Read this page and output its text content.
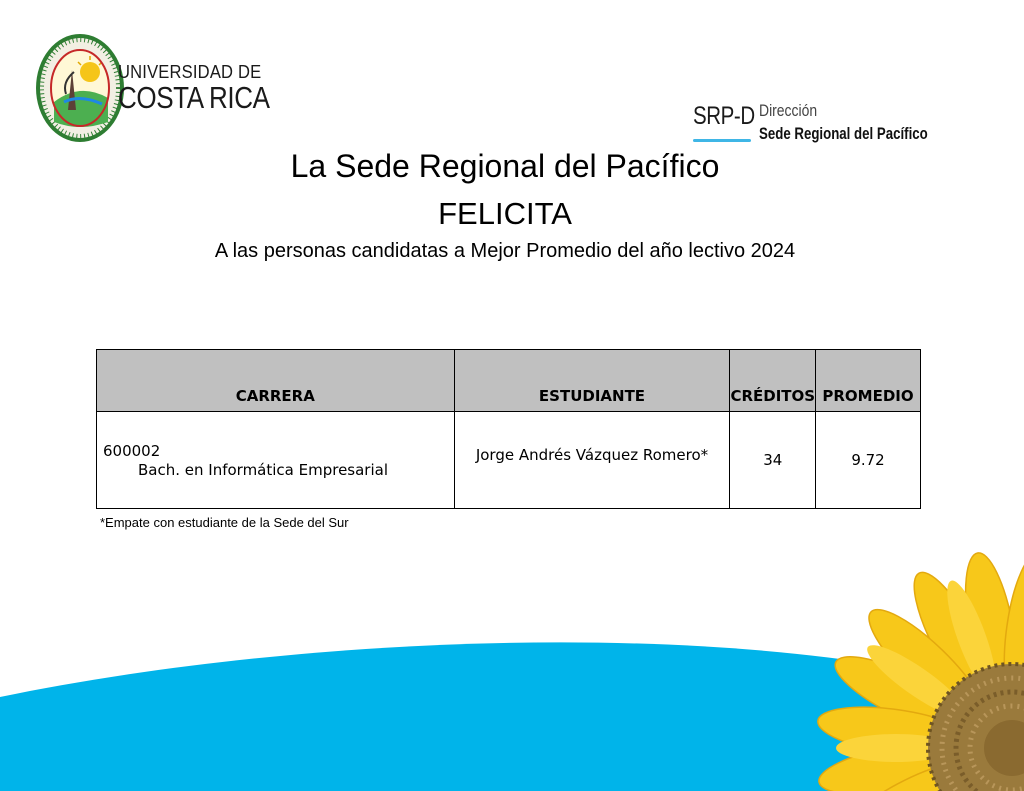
UNIVERSIDAD DE
COSTA RICA
SRP-D Dirección
Sede Regional del Pacífico
La Sede Regional del Pacífico
FELICITA
A las personas candidatas a Mejor Promedio del año lectivo 2024
CARRERA	ESTUDIANTE	CRÉDITOS	PROMEDIO

600002
Bach. en Informática Empresarial	Jorge Andrés Vázquez Romero*	34	9.72
*Empate con estudiante de la Sede del Sur
